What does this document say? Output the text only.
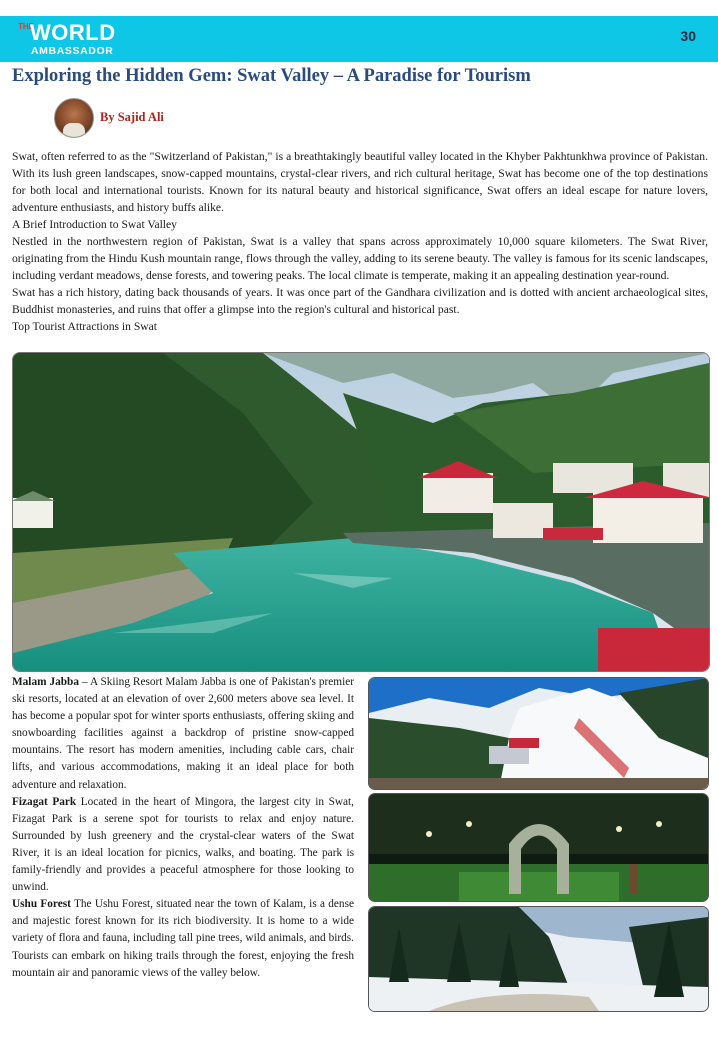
THE
WORLD
AMBASSADOR
30
Exploring the Hidden Gem: Swat Valley – A Paradise for Tourism
By Sajid Ali

Swat, often referred to as the "Switzerland of Pakistan," is a breathtakingly beautiful valley located in the Khyber Pakhtunkhwa province of Pakistan. With its lush green landscapes, snow-capped mountains, crystal-clear rivers, and rich cultural heritage, Swat has become one of the top destinations for both local and international tourists. Known for its natural beauty and historical significance, Swat offers an ideal escape for nature lovers, adventure enthusiasts, and history buffs alike.

A Brief Introduction to Swat Valley

Nestled in the northwestern region of Pakistan, Swat is a valley that spans across approximately 10,000 square kilometers. The Swat River, originating from the Hindu Kush mountain range, flows through the valley, adding to its serene beauty. The valley is famous for its scenic landscapes, including verdant meadows, dense forests, and towering peaks. The local climate is temperate, making it an appealing destination year-round.

Swat has a rich history, dating back thousands of years. It was once part of the Gandhara civilization and is dotted with ancient archaeological sites, Buddhist monasteries, and ruins that offer a glimpse into the region's cultural and historical past.

Top Tourist Attractions in Swat

Malam Jabba – A Skiing Resort Malam Jabba is one of Pakistan's premier ski resorts, located at an elevation of over 2,600 meters above sea level. It has become a popular spot for winter sports enthusiasts, offering skiing and snowboarding facilities against a backdrop of pristine snow-capped mountains. The resort has modern amenities, including cable cars, chair lifts, and various accommodations, making it an ideal place for both adventure and relaxation.

Fizagat Park Located in the heart of Mingora, the largest city in Swat, Fizagat Park is a serene spot for tourists to relax and enjoy nature. Surrounded by lush greenery and the crystal-clear waters of the Swat River, it is an ideal location for picnics, walks, and boating. The park is family-friendly and provides a peaceful atmosphere for those looking to unwind.

Ushu Forest The Ushu Forest, situated near the town of Kalam, is a dense and majestic forest known for its rich biodiversity. It is home to a wide variety of flora and fauna, including tall pine trees, wild animals, and birds. Tourists can embark on hiking trails through the forest, enjoying the fresh mountain air and panoramic views of the valley below.
